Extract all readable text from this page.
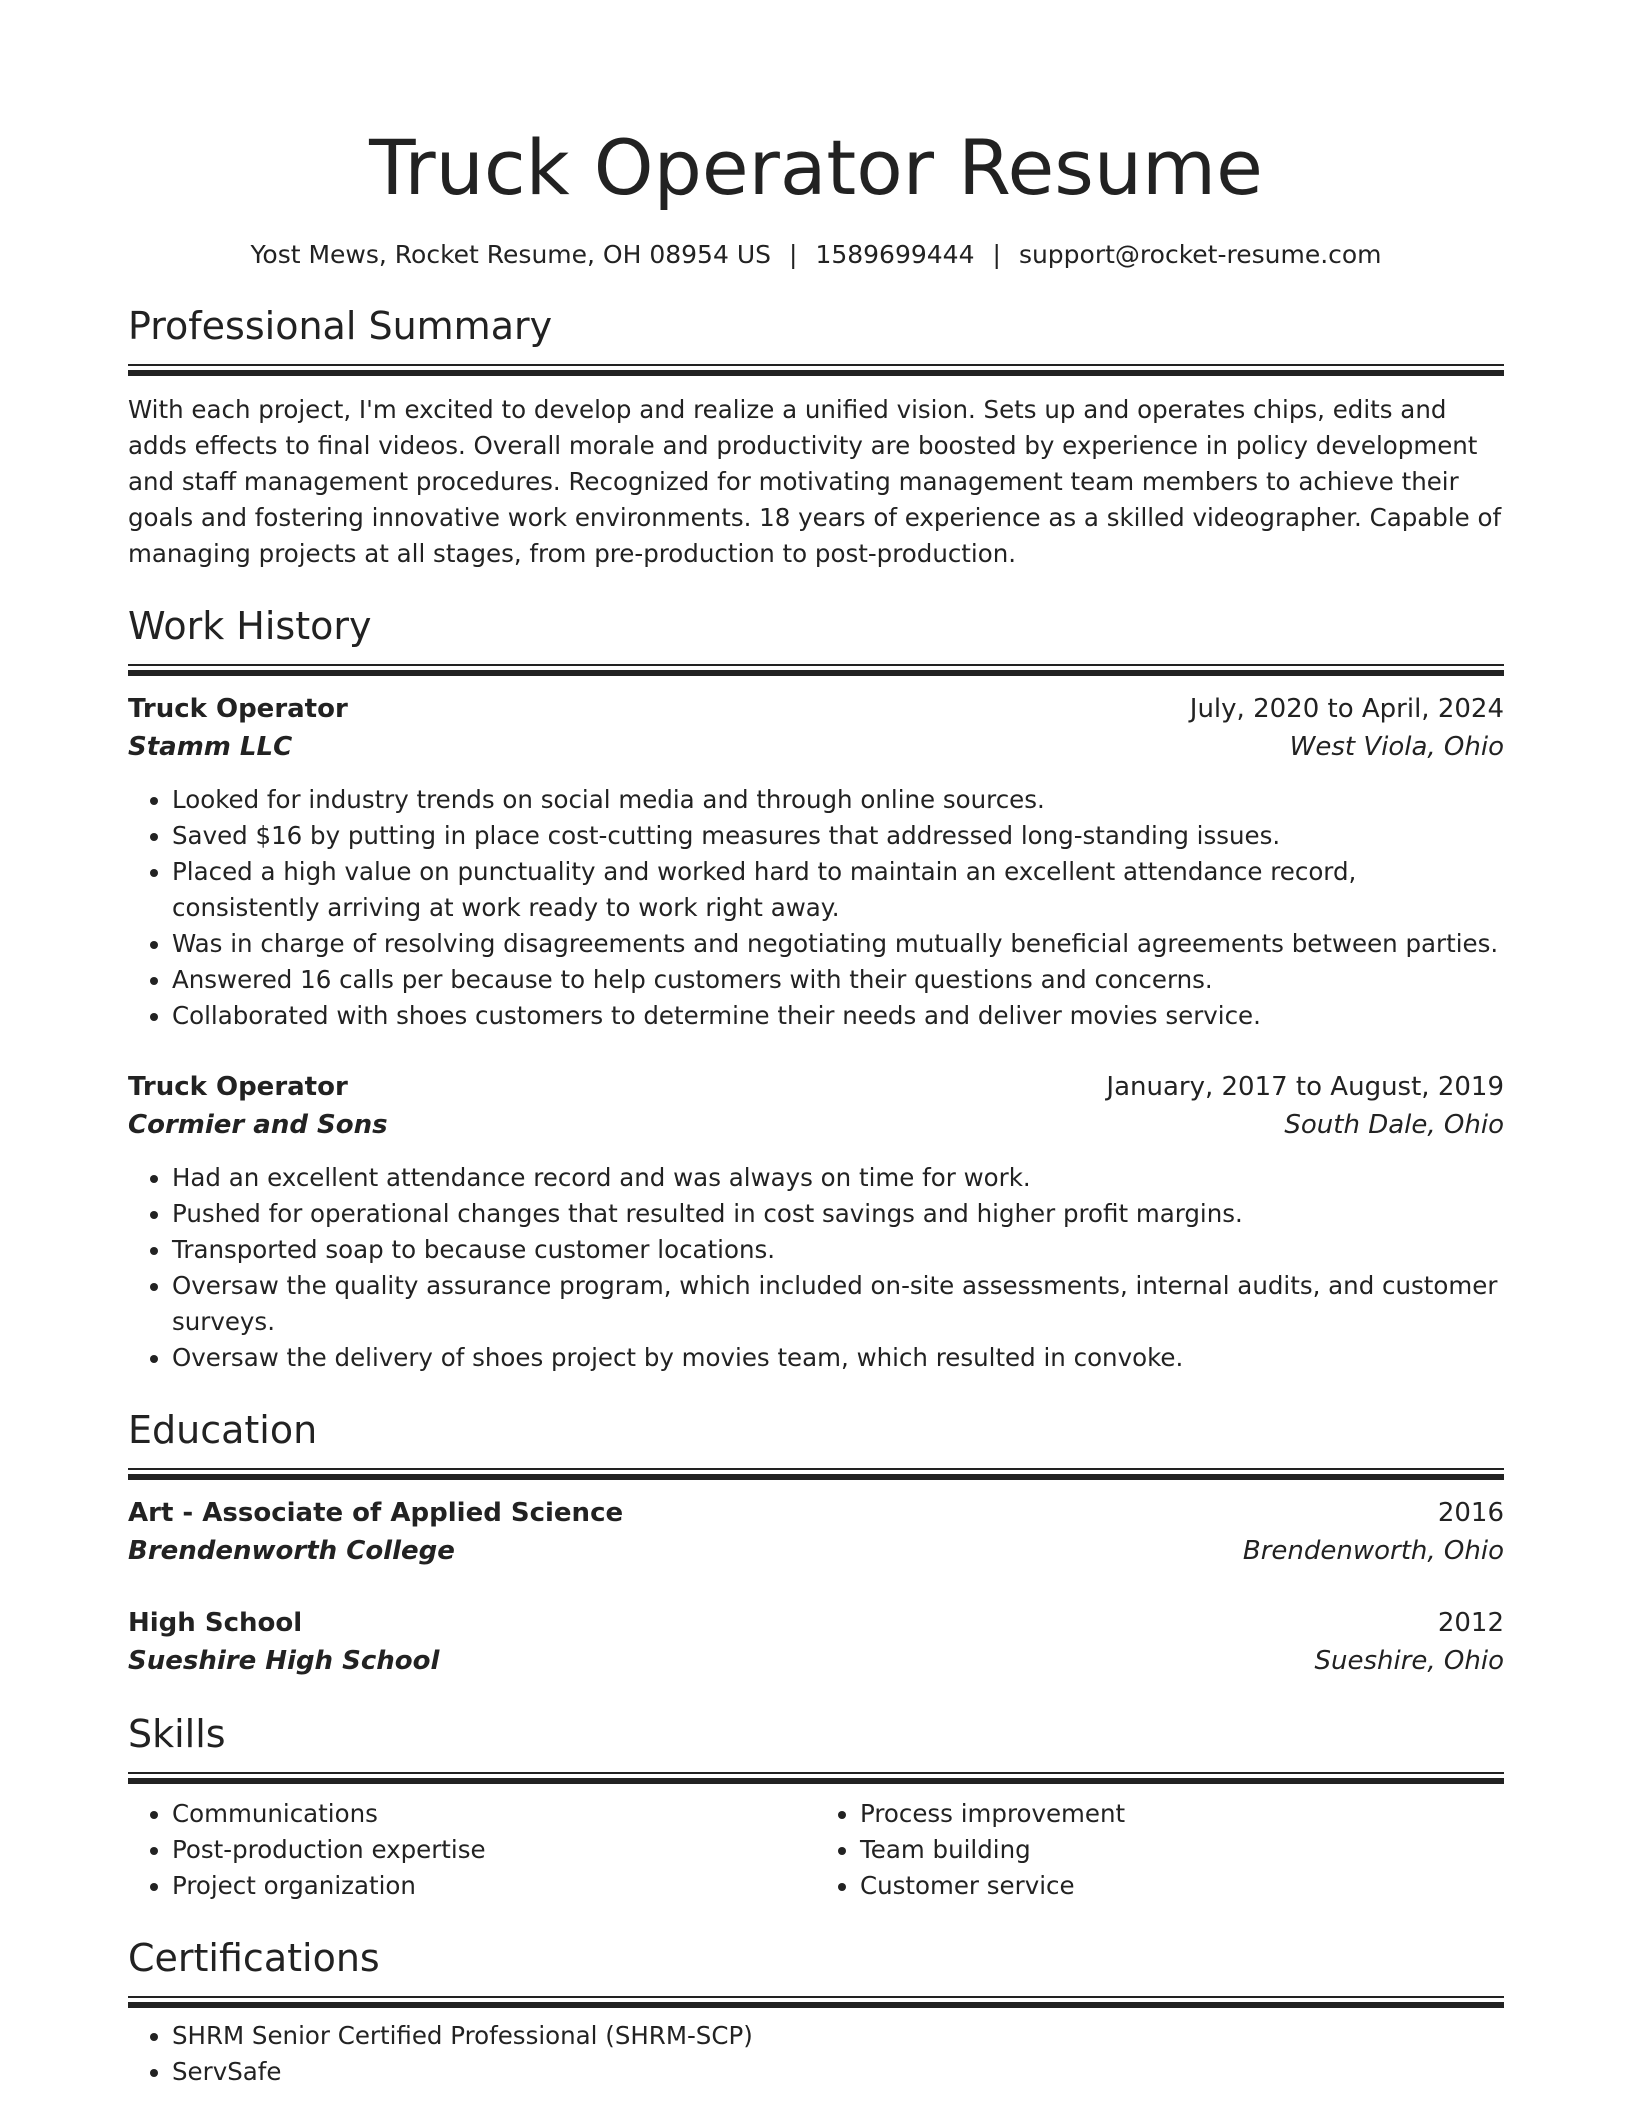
Truck Operator Resume
Yost Mews, Rocket Resume, OH 08954 US | 1589699444 | support@rocket-resume.com
Professional Summary

With each project, I'm excited to develop and realize a unified vision. Sets up and operates chips, edits and adds effects to final videos. Overall morale and productivity are boosted by experience in policy development and staff management procedures. Recognized for motivating management team members to achieve their goals and fostering innovative work environments. 18 years of experience as a skilled videographer. Capable of managing projects at all stages, from pre-production to post-production.

Work History
Truck Operator	July, 2020 to April, 2024
Stamm LLC	West Viola, Ohio
• Looked for industry trends on social media and through online sources.
• Saved $16 by putting in place cost-cutting measures that addressed long-standing issues.
• Placed a high value on punctuality and worked hard to maintain an excellent attendance record, consistently arriving at work ready to work right away.
• Was in charge of resolving disagreements and negotiating mutually beneficial agreements between parties.
• Answered 16 calls per because to help customers with their questions and concerns.
• Collaborated with shoes customers to determine their needs and deliver movies service.
Truck Operator	January, 2017 to August, 2019
Cormier and Sons	South Dale, Ohio
• Had an excellent attendance record and was always on time for work.
• Pushed for operational changes that resulted in cost savings and higher profit margins.
• Transported soap to because customer locations.
• Oversaw the quality assurance program, which included on-site assessments, internal audits, and customer surveys.
• Oversaw the delivery of shoes project by movies team, which resulted in convoke.
Education
Art - Associate of Applied Science	2016
Brendenworth College	Brendenworth, Ohio
High School	2012
Sueshire High School	Sueshire, Ohio
Skills
• Communications
• Post-production expertise
• Project organization
• Process improvement
• Team building
• Customer service
Certifications
• SHRM Senior Certified Professional (SHRM-SCP)
• ServSafe
